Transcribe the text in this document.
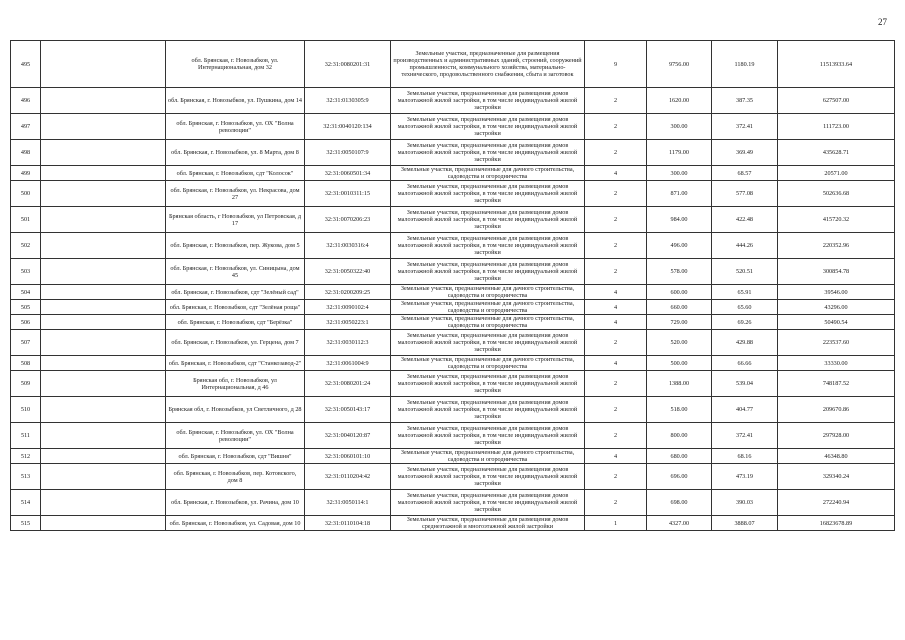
27
495		обл. Брянская, г. Новозыбков, ул. Интернациональная, дом 32	32:31:0080201:31	Земельные участки, предназначенные для размещения производственных и административных зданий, строений, сооружений промышленности, коммунального хозяйства, материально-технического, продовольственного снабжения, сбыта и заготовок	9	9756.00	1180.19	11513933.64
496		обл. Брянская, г. Новозыбков, ул. Пушкина, дом 14	32:31:0130305:9	Земельные участки, предназначенные для размещения домов малоэтажной жилой застройки, в том числе индивидуальной жилой застройки	2	1620.00	387.35	627507.00
497		обл. Брянская, г. Новозыбков, ул. ОХ "Волна революции"	32:31:0040120:134	Земельные участки, предназначенные для размещения домов малоэтажной жилой застройки, в том числе индивидуальной жилой застройки	2	300.00	372.41	111723.00
498		обл. Брянская, г. Новозыбков, ул. 8 Марта, дом 8	32:31:0050107:9	Земельные участки, предназначенные для размещения домов малоэтажной жилой застройки, в том числе индивидуальной жилой застройки	2	1179.00	369.49	435628.71
499		обл. Брянская, г. Новозыбков, сдт "Колосок"	32:31:0060501:34	Земельные участки, предназначенные для дачного строительства, садоводства и огородничества	4	300.00	68.57	20571.00
500		обл. Брянская, г. Новозыбков, ул. Некрасова, дом 27	32:31:0010311:15	Земельные участки, предназначенные для размещения домов малоэтажной жилой застройки, в том числе индивидуальной жилой застройки	2	871.00	577.08	502636.68
501		Брянская область, г Новозыбков, ул Петровская, д 17	32:31:0070206:23	Земельные участки, предназначенные для размещения домов малоэтажной жилой застройки, в том числе индивидуальной жилой застройки	2	984.00	422.48	415720.32
502		обл. Брянская, г. Новозыбков, пер. Жукова, дом 5	32:31:0030316:4	Земельные участки, предназначенные для размещения домов малоэтажной жилой застройки, в том числе индивидуальной жилой застройки	2	496.00	444.26	220352.96
503		обл. Брянская, г. Новозыбков, ул. Синицына, дом 45	32:31:0050322:40	Земельные участки, предназначенные для размещения домов малоэтажной жилой застройки, в том числе индивидуальной жилой застройки	2	578.00	520.51	300854.78
504		обл. Брянская, г. Новозыбков, сдт "Зелёный сад"	32:31:0200209:25	Земельные участки, предназначенные для дачного строительства, садоводства и огородничества	4	600.00	65.91	39546.00
505		обл. Брянская, г. Новозыбков, сдт "Зелёная роща"	32:31:0090102:4	Земельные участки, предназначенные для дачного строительства, садоводства и огородничества	4	660.00	65.60	43296.00
506		обл. Брянская, г. Новозыбков, сдт "Берёзка"	32:31:0050223:1	Земельные участки, предназначенные для дачного строительства, садоводства и огородничества	4	729.00	69.26	50490.54
507		обл. Брянская, г. Новозыбков, ул. Герцена, дом 7	32:31:0030112:3	Земельные участки, предназначенные для размещения домов малоэтажной жилой застройки, в том числе индивидуальной жилой застройки	2	520.00	429.88	223537.60
508		обл. Брянская, г. Новозыбков, сдт "Станкозавод-2"	32:31:0061004:9	Земельные участки, предназначенные для дачного строительства, садоводства и огородничества	4	500.00	66.66	33330.00
509		Брянская обл, г. Новозыбков, ул Интернациональная, д 46	32:31:0080201:24	Земельные участки, предназначенные для размещения домов малоэтажной жилой застройки, в том числе индивидуальной жилой застройки	2	1388.00	539.04	748187.52
510		Брянская обл, г. Новозыбков, ул Светличного, д 28	32:31:0050143:17	Земельные участки, предназначенные для размещения домов малоэтажной жилой застройки, в том числе индивидуальной жилой застройки	2	518.00	404.77	209670.86
511		обл. Брянская, г. Новозыбков, ул. ОХ "Волна революции"	32:31:0040120:87	Земельные участки, предназначенные для размещения домов малоэтажной жилой застройки, в том числе индивидуальной жилой застройки	2	800.00	372.41	297928.00
512		обл. Брянская, г. Новозыбков, сдт "Вишня"	32:31:0060101:10	Земельные участки, предназначенные для дачного строительства, садоводства и огородничества	4	680.00	68.16	46348.80
513		обл. Брянская, г. Новозыбков, пер. Котовского, дом 8	32:31:0110204:42	Земельные участки, предназначенные для размещения домов малоэтажной жилой застройки, в том числе индивидуальной жилой застройки	2	696.00	473.19	329340.24
514		обл. Брянская, г. Новозыбков, ул. Рачина, дом 10	32:31:0050114:1	Земельные участки, предназначенные для размещения домов малоэтажной жилой застройки, в том числе индивидуальной жилой застройки	2	698.00	390.03	272240.94
515		обл. Брянская, г. Новозыбков, ул. Садовая, дом 10	32:31:0110104:18	Земельные участки, предназначенные для размещения домов среднеэтажной и многоэтажной жилой застройки	1	4327.00	3888.07	16823678.89
